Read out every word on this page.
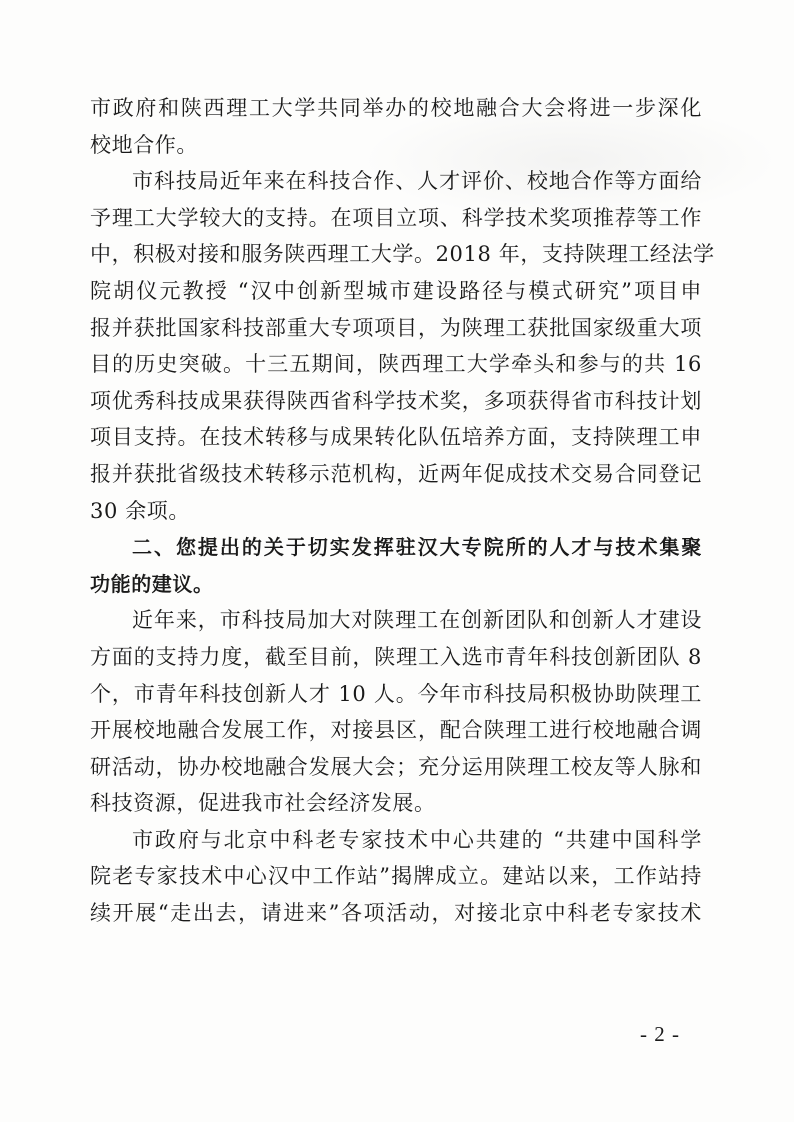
市政府和陕西理工大学共同举办的校地融合大会将进一步深化
校地合作。
市科技局近年来在科技合作、人才评价、校地合作等方面给
予理工大学较大的支持。在项目立项、科学技术奖项推荐等工作
中，积极对接和服务陕西理工大学。2018 年，支持陕理工经法学
院胡仪元教授 “汉中创新型城市建设路径与模式研究”项目申
报并获批国家科技部重大专项项目，为陕理工获批国家级重大项
目的历史突破。十三五期间，陕西理工大学牵头和参与的共 16
项优秀科技成果获得陕西省科学技术奖，多项获得省市科技计划
项目支持。在技术转移与成果转化队伍培养方面，支持陕理工申
报并获批省级技术转移示范机构，近两年促成技术交易合同登记
30 余项。
二、您提出的关于切实发挥驻汉大专院所的人才与技术集聚
功能的建议。
近年来，市科技局加大对陕理工在创新团队和创新人才建设
方面的支持力度，截至目前，陕理工入选市青年科技创新团队 8
个，市青年科技创新人才 10 人。今年市科技局积极协助陕理工
开展校地融合发展工作，对接县区，配合陕理工进行校地融合调
研活动，协办校地融合发展大会；充分运用陕理工校友等人脉和
科技资源，促进我市社会经济发展。
市政府与北京中科老专家技术中心共建的 “共建中国科学
院老专家技术中心汉中工作站”揭牌成立。建站以来，工作站持
续开展“走出去，请进来”各项活动，对接北京中科老专家技术
- 2 -
